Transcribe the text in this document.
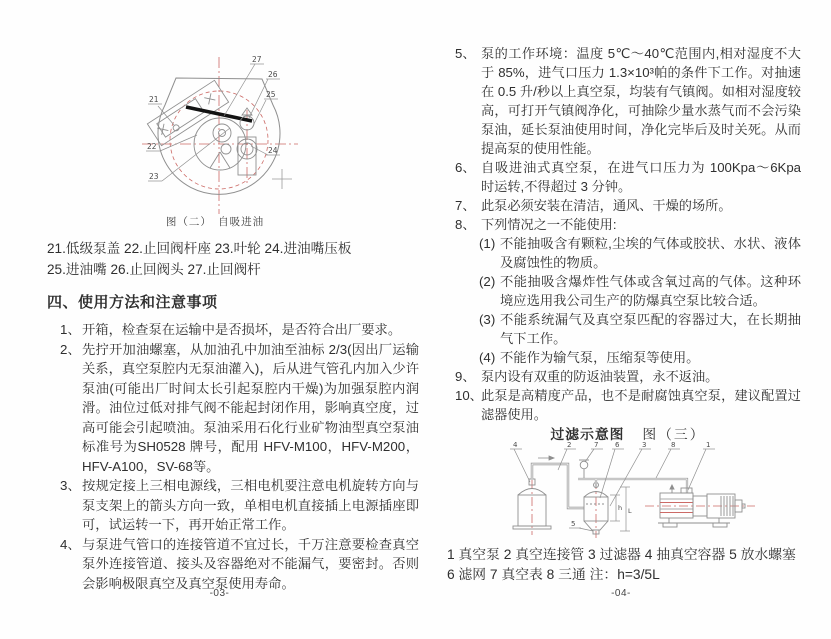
21
22
23
24
25
26
27
图（二）　自吸进油
21.低级泵盖 22.止回阀杆座 23.叶轮 24.进油嘴压板
25.进油嘴 26.止回阀头 27.止回阀杆
四、使用方法和注意事项
1、 开箱，检查泵在运输中是否损坏，是否符合出厂要求。
2、 先拧开加油螺塞，从加油孔中加油至油标 2/3(因出厂运输关系，真空泵腔内无泵油灌入)，后从进气管孔内加入少许泵油(可能出厂时间太长引起泵腔内干燥)为加强泵腔内润滑。油位过低对排气阀不能起封闭作用，影响真空度，过高可能会引起喷油。泵油采用石化行业矿物油型真空泵油标准号为SH0528 牌号，配用 HFV-M100，HFV-M200，HFV-A100，SV-68等。
3、 按规定接上三相电源线，三相电机要注意电机旋转方向与泵支架上的箭头方向一致，单相电机直接插上电源插座即可，试运转一下，再开始正常工作。
4、 与泵进气管口的连接管道不宜过长，千万注意要检查真空泵外连接管道、接头及容器绝对不能漏气，要密封。否则会影响极限真空及真空泵使用寿命。
-03-
5、 泵的工作环境：温度 5℃～40℃范围内,相对湿度不大于 85%，进气口压力 1.3×10³帕的条件下工作。对抽速在 0.5 升/秒以上真空泵，均装有气镇阀。如相对湿度较高，可打开气镇阀净化，可抽除少量水蒸气而不会污染泵油，延长泵油使用时间，净化完毕后及时关死。从而提高泵的使用性能。
6、 自吸进油式真空泵，在进气口压力为 100Kpa～6Kpa 时运转,不得超过 3 分钟。
7、 此泵必须安装在清洁，通风、干燥的场所。
8、 下列情况之一不能使用:
(1) 不能抽吸含有颗粒,尘埃的气体或胶状、水状、液体及腐蚀性的物质。
(2) 不能抽吸含爆炸性气体或含氧过高的气体。这种环境应选用我公司生产的防爆真空泵比较合适。
(3) 不能系统漏气及真空泵匹配的容器过大，在长期抽气下工作。
(4) 不能作为输气泵，压缩泵等使用。
9、 泵内设有双重的防返油装置，永不返油。
10、
此泵是高精度产品，也不是耐腐蚀真空泵，建议配置过滤器使用。
过滤示意图 图（三）
h L
4	2	7 6	3	8	1
5
1 真空泵 2 真空连接管 3 过滤器 4 抽真空容器 5 放水螺塞
6 滤网 7 真空表 8 三通 注：h=3/5L
-04-
